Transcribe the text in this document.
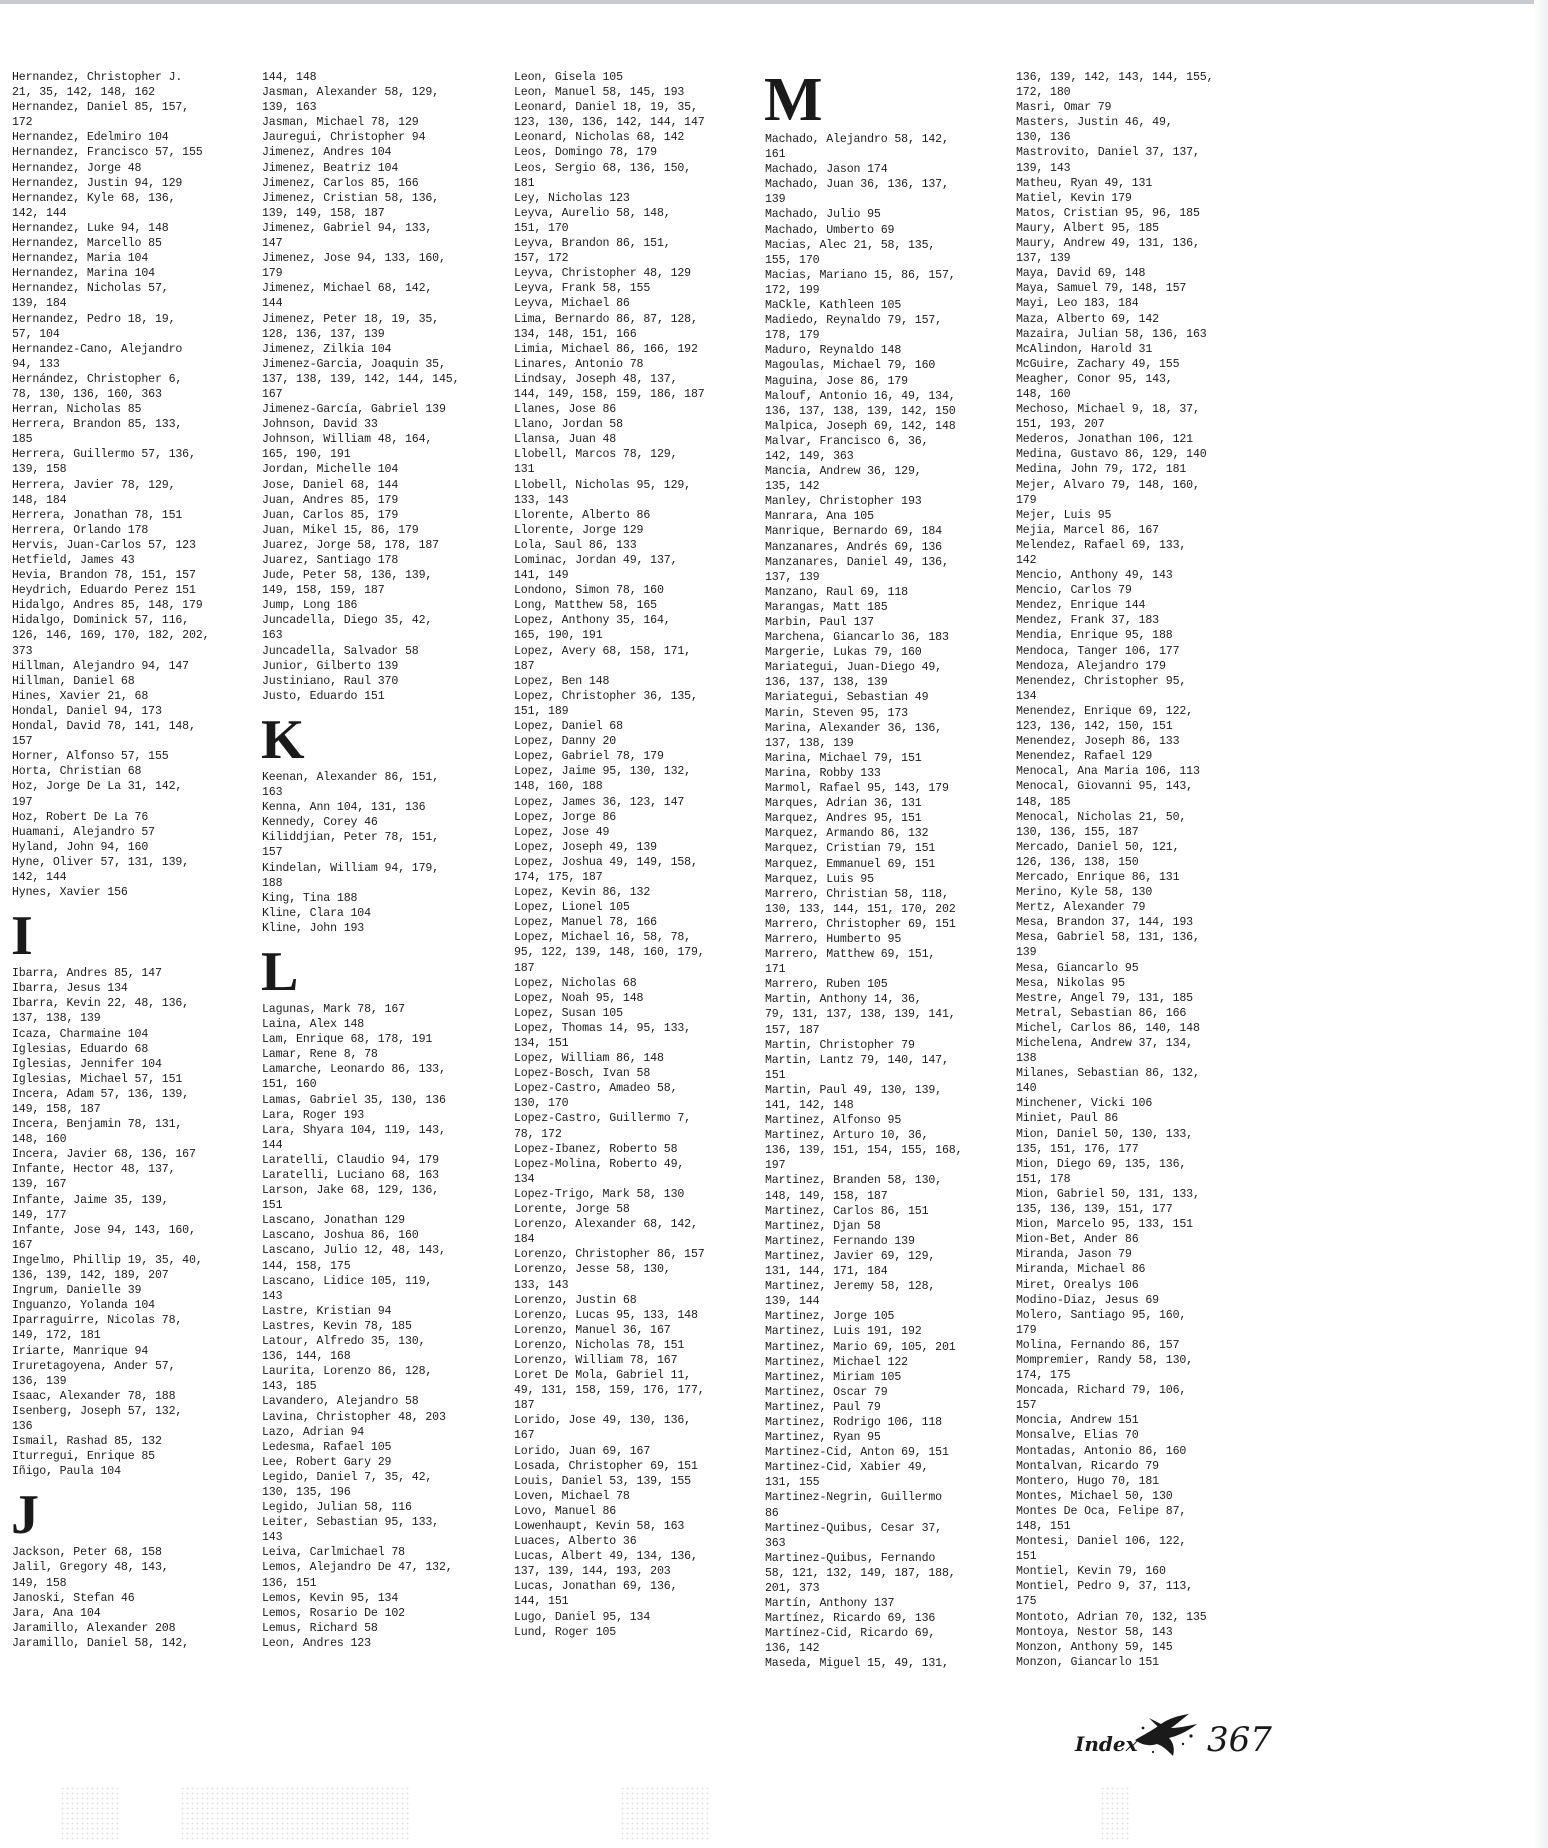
Hernandez, Christopher J.
21, 35, 142, 148, 162
Hernandez, Daniel 85, 157,
172
Hernandez, Edelmiro 104
Hernandez, Francisco 57, 155
Hernandez, Jorge 48
Hernandez, Justin 94, 129
Hernandez, Kyle 68, 136,
142, 144
Hernandez, Luke 94, 148
Hernandez, Marcello 85
Hernandez, Maria 104
Hernandez, Marina 104
Hernandez, Nicholas 57,
139, 184
Hernandez, Pedro 18, 19,
57, 104
Hernandez-Cano, Alejandro
94, 133
Hernández, Christopher 6,
78, 130, 136, 160, 363
Herran, Nicholas 85
Herrera, Brandon 85, 133,
185
Herrera, Guillermo 57, 136,
139, 158
Herrera, Javier 78, 129,
148, 184
Herrera, Jonathan 78, 151
Herrera, Orlando 178
Hervis, Juan-Carlos 57, 123
Hetfield, James 43
Hevia, Brandon 78, 151, 157
Heydrich, Eduardo Perez 151
Hidalgo, Andres 85, 148, 179
Hidalgo, Dominick 57, 116,
126, 146, 169, 170, 182, 202,
373
Hillman, Alejandro 94, 147
Hillman, Daniel 68
Hines, Xavier 21, 68
Hondal, Daniel 94, 173
Hondal, David 78, 141, 148,
157
Horner, Alfonso 57, 155
Horta, Christian 68
Hoz, Jorge De La 31, 142,
197
Hoz, Robert De La 76
Huamani, Alejandro 57
Hyland, John 94, 160
Hyne, Oliver 57, 131, 139,
142, 144
Hynes, Xavier 156
I
Ibarra, Andres 85, 147
Ibarra, Jesus 134
Ibarra, Kevin 22, 48, 136,
137, 138, 139
Icaza, Charmaine 104
Iglesias, Eduardo 68
Iglesias, Jennifer 104
Iglesias, Michael 57, 151
Incera, Adam 57, 136, 139,
149, 158, 187
Incera, Benjamin 78, 131,
148, 160
Incera, Javier 68, 136, 167
Infante, Hector 48, 137,
139, 167
Infante, Jaime 35, 139,
149, 177
Infante, Jose 94, 143, 160,
167
Ingelmo, Phillip 19, 35, 40,
136, 139, 142, 189, 207
Ingrum, Danielle 39
Inguanzo, Yolanda 104
Iparraguirre, Nicolas 78,
149, 172, 181
Iriarte, Manrique 94
Iruretagoyena, Ander 57,
136, 139
Isaac, Alexander 78, 188
Isenberg, Joseph 57, 132,
136
Ismail, Rashad 85, 132
Iturregui, Enrique 85
Iñigo, Paula 104
J
Jackson, Peter 68, 158
Jalil, Gregory 48, 143,
149, 158
Janoski, Stefan 46
Jara, Ana 104
Jaramillo, Alexander 208
Jaramillo, Daniel 58, 142,
144, 148
Jasman, Alexander 58, 129,
139, 163
Jasman, Michael 78, 129
Jauregui, Christopher 94
Jimenez, Andres 104
Jimenez, Beatriz 104
Jimenez, Carlos 85, 166
Jimenez, Cristian 58, 136,
139, 149, 158, 187
Jimenez, Gabriel 94, 133,
147
Jimenez, Jose 94, 133, 160,
179
Jimenez, Michael 68, 142,
144
Jimenez, Peter 18, 19, 35,
128, 136, 137, 139
Jimenez, Zilkia 104
Jimenez-Garcia, Joaquin 35,
137, 138, 139, 142, 144, 145,
167
Jimenez-García, Gabriel 139
Johnson, David 33
Johnson, William 48, 164,
165, 190, 191
Jordan, Michelle 104
Jose, Daniel 68, 144
Juan, Andres 85, 179
Juan, Carlos 85, 179
Juan, Mikel 15, 86, 179
Juarez, Jorge 58, 178, 187
Juarez, Santiago 178
Jude, Peter 58, 136, 139,
149, 158, 159, 187
Jump, Long 186
Juncadella, Diego 35, 42,
163
Juncadella, Salvador 58
Junior, Gilberto 139
Justiniano, Raul 370
Justo, Eduardo 151
K
Keenan, Alexander 86, 151,
163
Kenna, Ann 104, 131, 136
Kennedy, Corey 46
Kiliddjian, Peter 78, 151,
157
Kindelan, William 94, 179,
188
King, Tina 188
Kline, Clara 104
Kline, John 193
L
Lagunas, Mark 78, 167
Laina, Alex 148
Lam, Enrique 68, 178, 191
Lamar, Rene 8, 78
Lamarche, Leonardo 86, 133,
151, 160
Lamas, Gabriel 35, 130, 136
Lara, Roger 193
Lara, Shyara 104, 119, 143,
144
Laratelli, Claudio 94, 179
Laratelli, Luciano 68, 163
Larson, Jake 68, 129, 136,
151
Lascano, Jonathan 129
Lascano, Joshua 86, 160
Lascano, Julio 12, 48, 143,
144, 158, 175
Lascano, Lidice 105, 119,
143
Lastre, Kristian 94
Lastres, Kevin 78, 185
Latour, Alfredo 35, 130,
136, 144, 168
Laurita, Lorenzo 86, 128,
143, 185
Lavandero, Alejandro 58
Lavina, Christopher 48, 203
Lazo, Adrian 94
Ledesma, Rafael 105
Lee, Robert Gary 29
Legido, Daniel 7, 35, 42,
130, 135, 196
Legido, Julian 58, 116
Leiter, Sebastian 95, 133,
143
Leiva, Carlmichael 78
Lemos, Alejandro De 47, 132,
136, 151
Lemos, Kevin 95, 134
Lemos, Rosario De 102
Lemus, Richard 58
Leon, Andres 123
Leon, Gisela 105
Leon, Manuel 58, 145, 193
Leonard, Daniel 18, 19, 35,
123, 130, 136, 142, 144, 147
Leonard, Nicholas 68, 142
Leos, Domingo 78, 179
Leos, Sergio 68, 136, 150,
181
Ley, Nicholas 123
Leyva, Aurelio 58, 148,
151, 170
Leyva, Brandon 86, 151,
157, 172
Leyva, Christopher 48, 129
Leyva, Frank 58, 155
Leyva, Michael 86
Lima, Bernardo 86, 87, 128,
134, 148, 151, 166
Limia, Michael 86, 166, 192
Linares, Antonio 78
Lindsay, Joseph 48, 137,
144, 149, 158, 159, 186, 187
Llanes, Jose 86
Llano, Jordan 58
Llansa, Juan 48
Llobell, Marcos 78, 129,
131
Llobell, Nicholas 95, 129,
133, 143
Llorente, Alberto 86
Llorente, Jorge 129
Lola, Saul 86, 133
Lominac, Jordan 49, 137,
141, 149
Londono, Simon 78, 160
Long, Matthew 58, 165
Lopez, Anthony 35, 164,
165, 190, 191
Lopez, Avery 68, 158, 171,
187
Lopez, Ben 148
Lopez, Christopher 36, 135,
151, 189
Lopez, Daniel 68
Lopez, Danny 20
Lopez, Gabriel 78, 179
Lopez, Jaime 95, 130, 132,
148, 160, 188
Lopez, James 36, 123, 147
Lopez, Jorge 86
Lopez, Jose 49
Lopez, Joseph 49, 139
Lopez, Joshua 49, 149, 158,
174, 175, 187
Lopez, Kevin 86, 132
Lopez, Lionel 105
Lopez, Manuel 78, 166
Lopez, Michael 16, 58, 78,
95, 122, 139, 148, 160, 179,
187
Lopez, Nicholas 68
Lopez, Noah 95, 148
Lopez, Susan 105
Lopez, Thomas 14, 95, 133,
134, 151
Lopez, William 86, 148
Lopez-Bosch, Ivan 58
Lopez-Castro, Amadeo 58,
130, 170
Lopez-Castro, Guillermo 7,
78, 172
Lopez-Ibanez, Roberto 58
Lopez-Molina, Roberto 49,
134
Lopez-Trigo, Mark 58, 130
Lorente, Jorge 58
Lorenzo, Alexander 68, 142,
184
Lorenzo, Christopher 86, 157
Lorenzo, Jesse 58, 130,
133, 143
Lorenzo, Justin 68
Lorenzo, Lucas 95, 133, 148
Lorenzo, Manuel 36, 167
Lorenzo, Nicholas 78, 151
Lorenzo, William 78, 167
Loret De Mola, Gabriel 11,
49, 131, 158, 159, 176, 177,
187
Lorido, Jose 49, 130, 136,
167
Lorido, Juan 69, 167
Losada, Christopher 69, 151
Louis, Daniel 53, 139, 155
Loven, Michael 78
Lovo, Manuel 86
Lowenhaupt, Kevin 58, 163
Luaces, Alberto 36
Lucas, Albert 49, 134, 136,
137, 139, 144, 193, 203
Lucas, Jonathan 69, 136,
144, 151
Lugo, Daniel 95, 134
Lund, Roger 105
M
Machado, Alejandro 58, 142,
161
Machado, Jason 174
Machado, Juan 36, 136, 137,
139
Machado, Julio 95
Machado, Umberto 69
Macias, Alec 21, 58, 135,
155, 170
Macias, Mariano 15, 86, 157,
172, 199
MaCkle, Kathleen 105
Madiedo, Reynaldo 79, 157,
178, 179
Maduro, Reynaldo 148
Magoulas, Michael 79, 160
Maguina, Jose 86, 179
Malouf, Antonio 16, 49, 134,
136, 137, 138, 139, 142, 150
Malpica, Joseph 69, 142, 148
Malvar, Francisco 6, 36,
142, 149, 363
Mancia, Andrew 36, 129,
135, 142
Manley, Christopher 193
Manrara, Ana 105
Manrique, Bernardo 69, 184
Manzanares, Andrés 69, 136
Manzanares, Daniel 49, 136,
137, 139
Manzano, Raul 69, 118
Marangas, Matt 185
Marbin, Paul 137
Marchena, Giancarlo 36, 183
Margerie, Lukas 79, 160
Mariategui, Juan-Diego 49,
136, 137, 138, 139
Mariategui, Sebastian 49
Marin, Steven 95, 173
Marina, Alexander 36, 136,
137, 138, 139
Marina, Michael 79, 151
Marina, Robby 133
Marmol, Rafael 95, 143, 179
Marques, Adrian 36, 131
Marquez, Andres 95, 151
Marquez, Armando 86, 132
Marquez, Cristian 79, 151
Marquez, Emmanuel 69, 151
Marquez, Luis 95
Marrero, Christian 58, 118,
130, 133, 144, 151, 170, 202
Marrero, Christopher 69, 151
Marrero, Humberto 95
Marrero, Matthew 69, 151,
171
Marrero, Ruben 105
Martin, Anthony 14, 36,
79, 131, 137, 138, 139, 141,
157, 187
Martin, Christopher 79
Martin, Lantz 79, 140, 147,
151
Martin, Paul 49, 130, 139,
141, 142, 148
Martinez, Alfonso 95
Martinez, Arturo 10, 36,
136, 139, 151, 154, 155, 168,
197
Martinez, Branden 58, 130,
148, 149, 158, 187
Martinez, Carlos 86, 151
Martinez, Djan 58
Martinez, Fernando 139
Martinez, Javier 69, 129,
131, 144, 171, 184
Martinez, Jeremy 58, 128,
139, 144
Martinez, Jorge 105
Martinez, Luis 191, 192
Martinez, Mario 69, 105, 201
Martinez, Michael 122
Martinez, Miriam 105
Martinez, Oscar 79
Martinez, Paul 79
Martinez, Rodrigo 106, 118
Martinez, Ryan 95
Martinez-Cid, Anton 69, 151
Martinez-Cid, Xabier 49,
131, 155
Martinez-Negrin, Guillermo
86
Martinez-Quibus, Cesar 37,
363
Martinez-Quibus, Fernando
58, 121, 132, 149, 187, 188,
201, 373
Martín, Anthony 137
Martínez, Ricardo 69, 136
Martínez-Cid, Ricardo 69,
136, 142
Maseda, Miguel 15, 49, 131,
136, 139, 142, 143, 144, 155,
172, 180
Masri, Omar 79
Masters, Justin 46, 49,
130, 136
Mastrovito, Daniel 37, 137,
139, 143
Matheu, Ryan 49, 131
Matiel, Kevin 179
Matos, Cristian 95, 96, 185
Maury, Albert 95, 185
Maury, Andrew 49, 131, 136,
137, 139
Maya, David 69, 148
Maya, Samuel 79, 148, 157
Mayi, Leo 183, 184
Maza, Alberto 69, 142
Mazaira, Julian 58, 136, 163
McAlindon, Harold 31
McGuire, Zachary 49, 155
Meagher, Conor 95, 143,
148, 160
Mechoso, Michael 9, 18, 37,
151, 193, 207
Mederos, Jonathan 106, 121
Medina, Gustavo 86, 129, 140
Medina, John 79, 172, 181
Mejer, Alvaro 79, 148, 160,
179
Mejer, Luis 95
Mejia, Marcel 86, 167
Melendez, Rafael 69, 133,
142
Mencio, Anthony 49, 143
Mencio, Carlos 79
Mendez, Enrique 144
Mendez, Frank 37, 183
Mendia, Enrique 95, 188
Mendoca, Tanger 106, 177
Mendoza, Alejandro 179
Menendez, Christopher 95,
134
Menendez, Enrique 69, 122,
123, 136, 142, 150, 151
Menendez, Joseph 86, 133
Menendez, Rafael 129
Menocal, Ana Maria 106, 113
Menocal, Giovanni 95, 143,
148, 185
Menocal, Nicholas 21, 50,
130, 136, 155, 187
Mercado, Daniel 50, 121,
126, 136, 138, 150
Mercado, Enrique 86, 131
Merino, Kyle 58, 130
Mertz, Alexander 79
Mesa, Brandon 37, 144, 193
Mesa, Gabriel 58, 131, 136,
139
Mesa, Giancarlo 95
Mesa, Nikolas 95
Mestre, Angel 79, 131, 185
Metral, Sebastian 86, 166
Michel, Carlos 86, 140, 148
Michelena, Andrew 37, 134,
138
Milanes, Sebastian 86, 132,
140
Minchener, Vicki 106
Miniet, Paul 86
Mion, Daniel 50, 130, 133,
135, 151, 176, 177
Mion, Diego 69, 135, 136,
151, 178
Mion, Gabriel 50, 131, 133,
135, 136, 139, 151, 177
Mion, Marcelo 95, 133, 151
Mion-Bet, Ander 86
Miranda, Jason 79
Miranda, Michael 86
Miret, Orealys 106
Modino-Diaz, Jesus 69
Molero, Santiago 95, 160,
179
Molina, Fernando 86, 157
Mompremier, Randy 58, 130,
174, 175
Moncada, Richard 79, 106,
157
Moncia, Andrew 151
Monsalve, Elias 70
Montadas, Antonio 86, 160
Montalvan, Ricardo 79
Montero, Hugo 70, 181
Montes, Michael 50, 130
Montes De Oca, Felipe 87,
148, 151
Montesi, Daniel 106, 122,
151
Montiel, Kevin 79, 160
Montiel, Pedro 9, 37, 113,
175
Montoto, Adrian 70, 132, 135
Montoya, Nestor 58, 143
Monzon, Anthony 59, 145
Monzon, Giancarlo 151
Index 367
